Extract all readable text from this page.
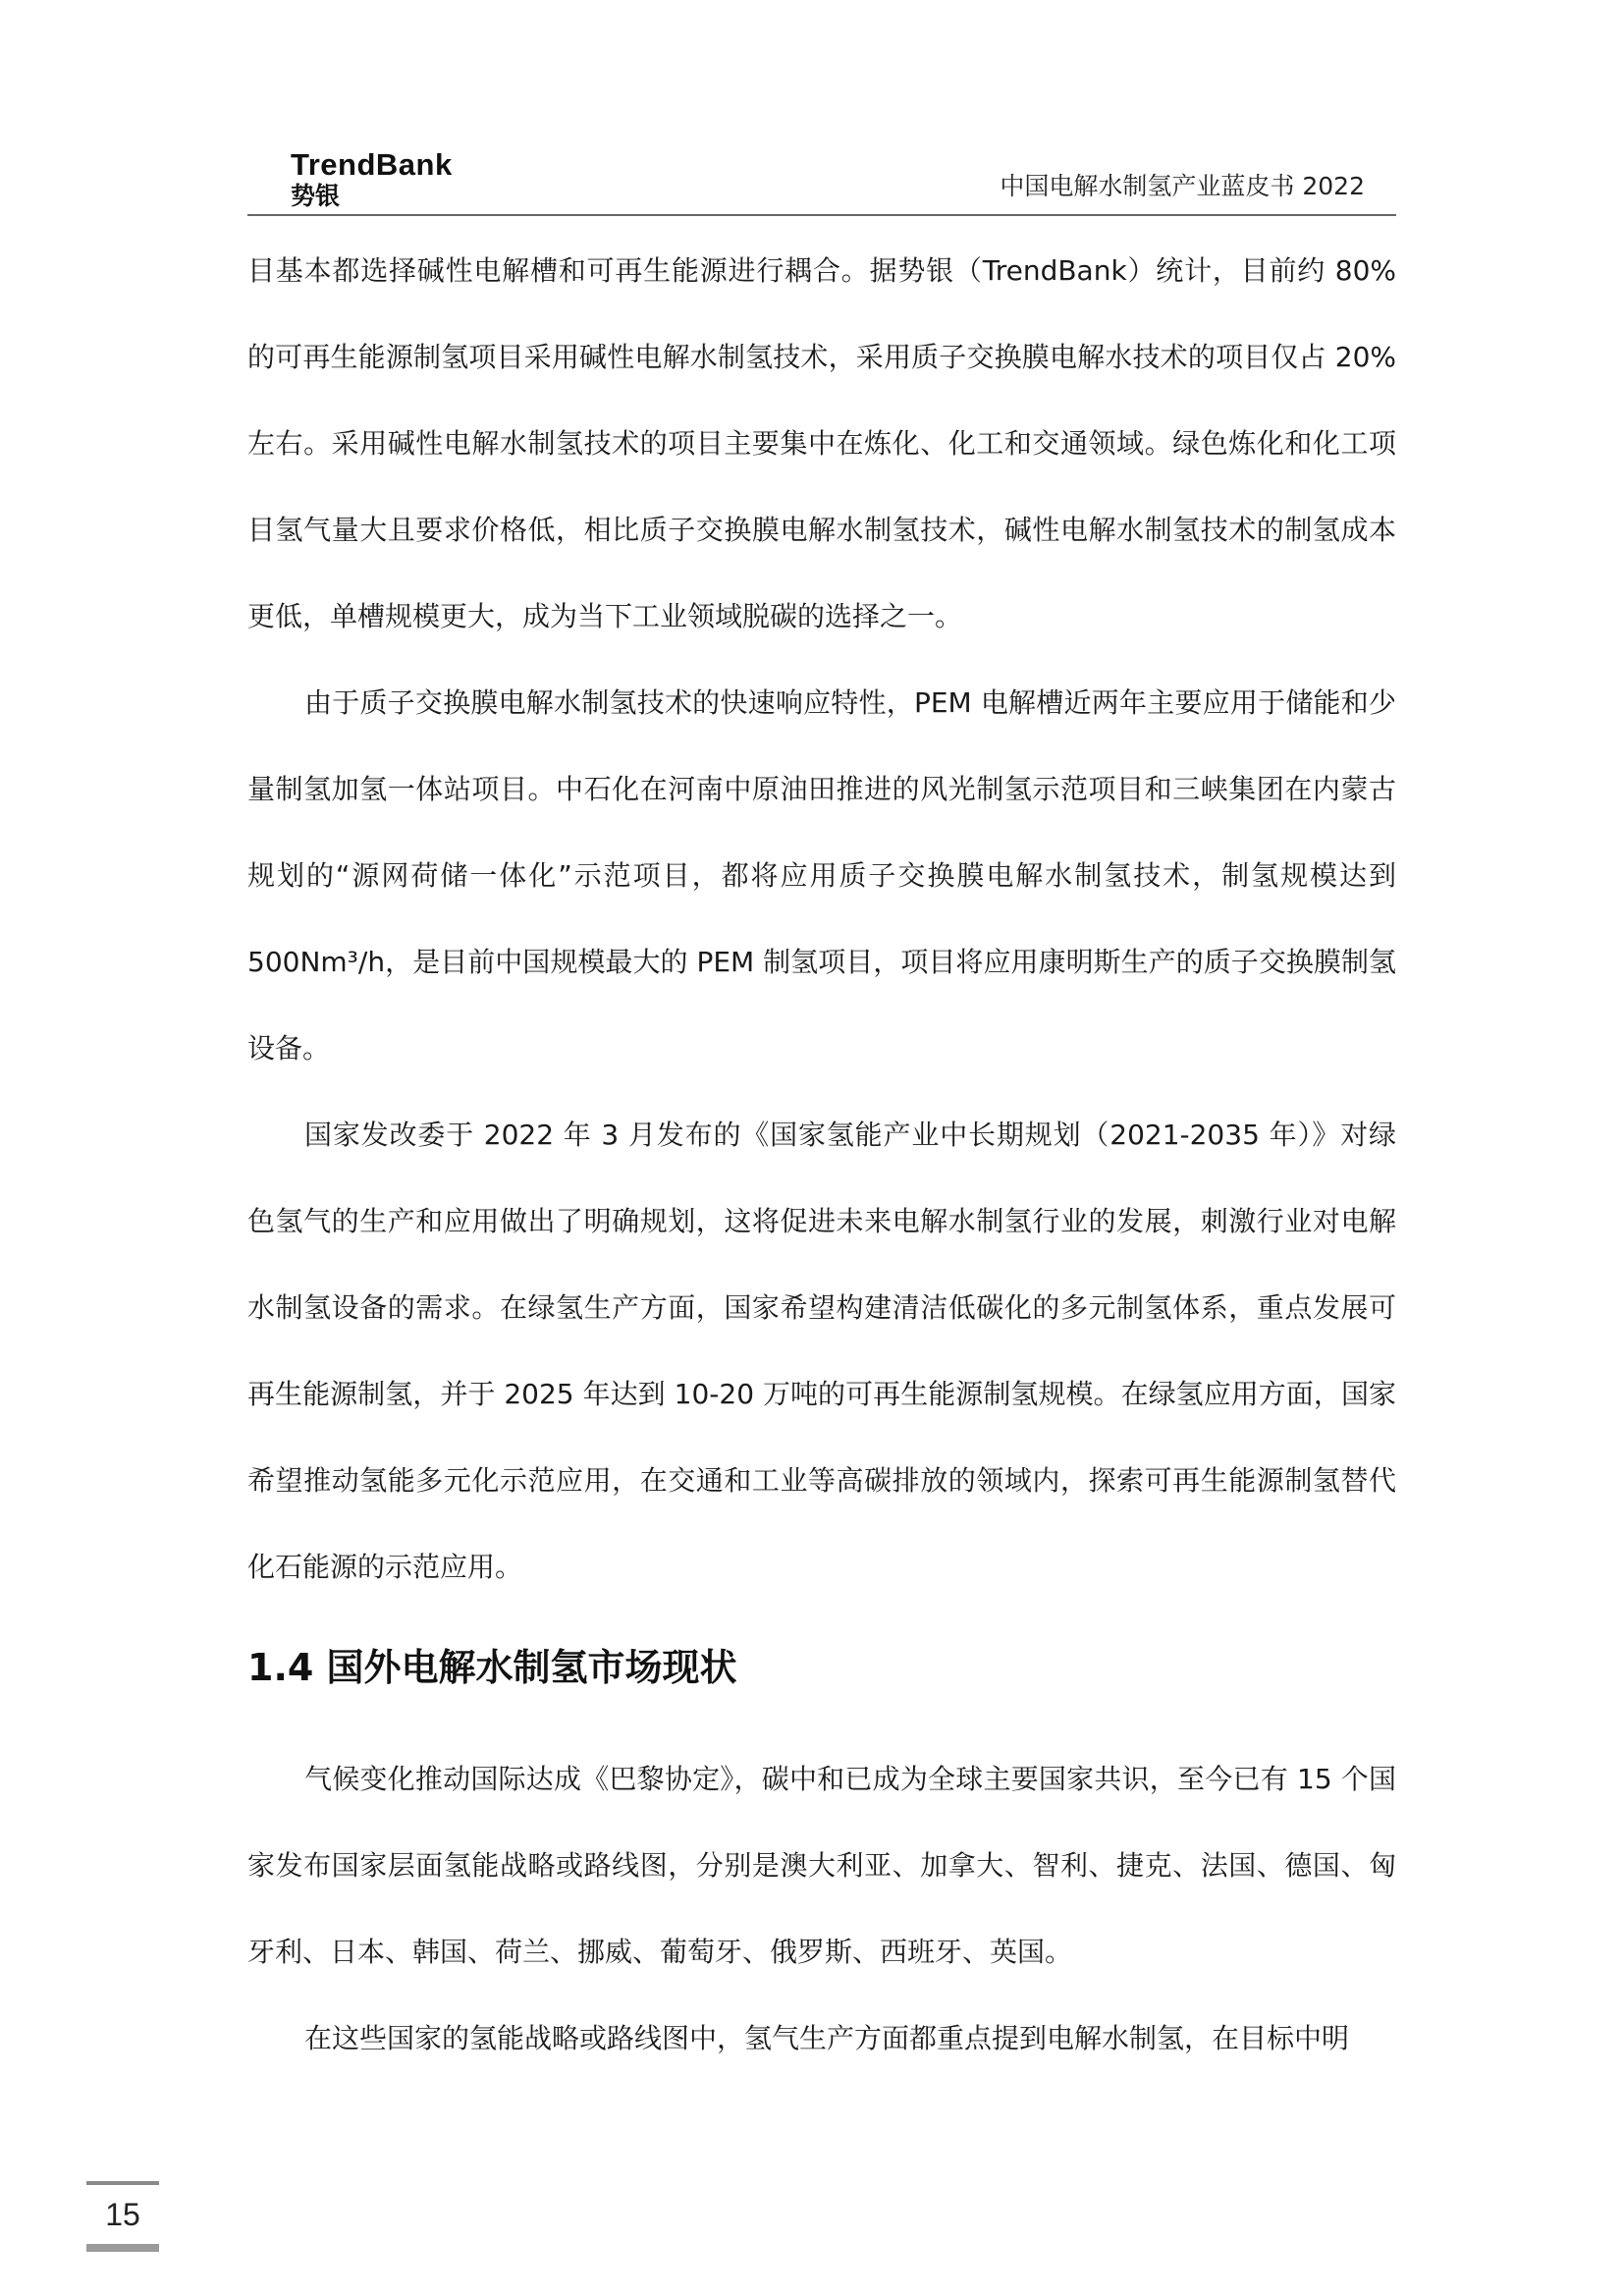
TrendBank
势银	中国电解水制氢产业蓝皮书 2022

目基本都选择碱性电解槽和可再生能源进行耦合。据势银（TrendBank）统计，目前约 80%的可再生能源制氢项目采用碱性电解水制氢技术，采用质子交换膜电解水技术的项目仅占 20%左右。采用碱性电解水制氢技术的项目主要集中在炼化、化工和交通领域。绿色炼化和化工项目氢气量大且要求价格低，相比质子交换膜电解水制氢技术，碱性电解水制氢技术的制氢成本更低，单槽规模更大，成为当下工业领域脱碳的选择之一。

由于质子交换膜电解水制氢技术的快速响应特性，PEM 电解槽近两年主要应用于储能和少量制氢加氢一体站项目。中石化在河南中原油田推进的风光制氢示范项目和三峡集团在内蒙古规划的“源网荷储一体化”示范项目，都将应用质子交换膜电解水制氢技术，制氢规模达到 500Nm³/h，是目前中国规模最大的 PEM 制氢项目，项目将应用康明斯生产的质子交换膜制氢设备。

国家发改委于 2022 年 3 月发布的《国家氢能产业中长期规划（2021-2035 年）》对绿色氢气的生产和应用做出了明确规划，这将促进未来电解水制氢行业的发展，刺激行业对电解水制氢设备的需求。在绿氢生产方面，国家希望构建清洁低碳化的多元制氢体系，重点发展可再生能源制氢，并于 2025 年达到 10-20 万吨的可再生能源制氢规模。在绿氢应用方面，国家希望推动氢能多元化示范应用，在交通和工业等高碳排放的领域内，探索可再生能源制氢替代化石能源的示范应用。

1.4 国外电解水制氢市场现状

气候变化推动国际达成《巴黎协定》，碳中和已成为全球主要国家共识，至今已有 15 个国家发布国家层面氢能战略或路线图，分别是澳大利亚、加拿大、智利、捷克、法国、德国、匈牙利、日本、韩国、荷兰、挪威、葡萄牙、俄罗斯、西班牙、英国。

在这些国家的氢能战略或路线图中，氢气生产方面都重点提到电解水制氢，在目标中明

15
